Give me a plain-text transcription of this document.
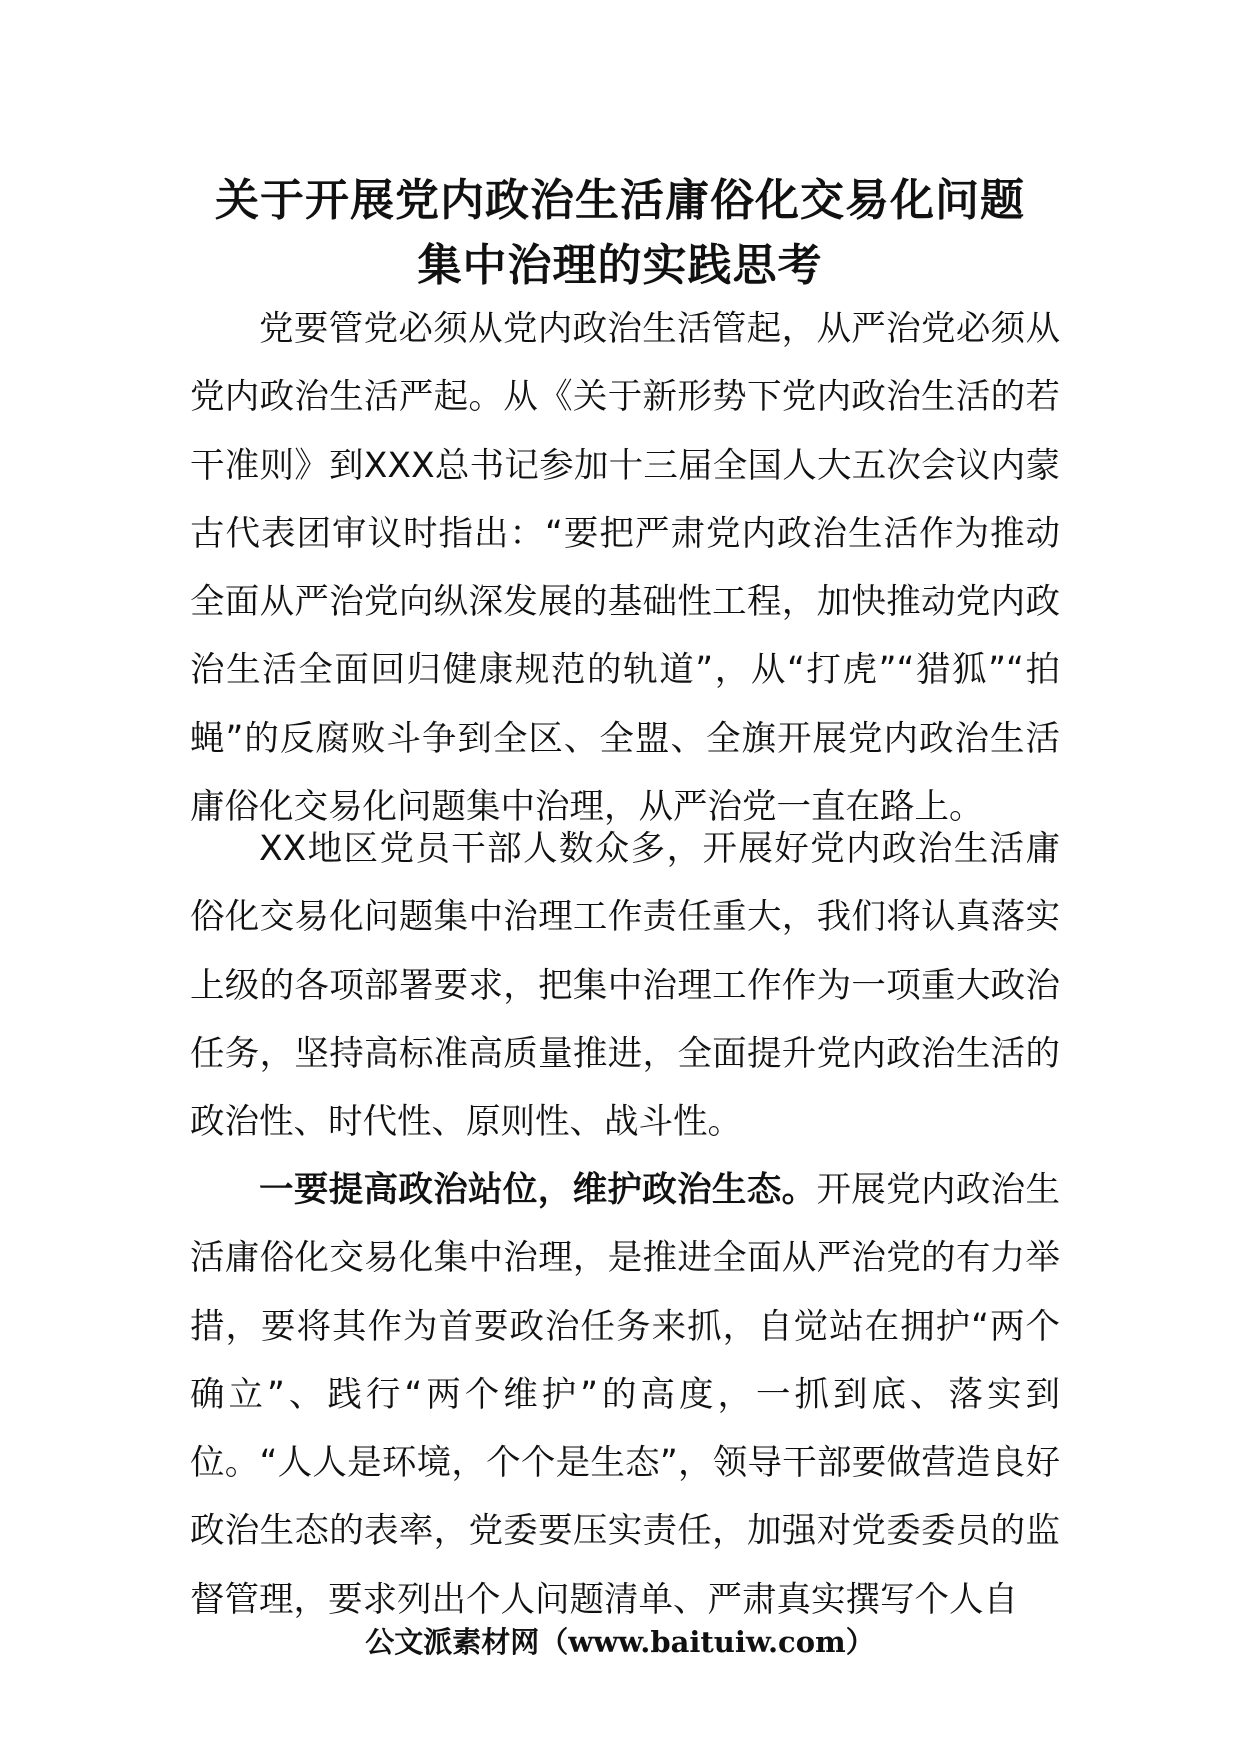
关于开展党内政治生活庸俗化交易化问题
集中治理的实践思考

党要管党必须从党内政治生活管起，从严治党必须从党内政治生活严起。从《关于新形势下党内政治生活的若干准则》到XXX总书记参加十三届全国人大五次会议内蒙古代表团审议时指出：“要把严肃党内政治生活作为推动全面从严治党向纵深发展的基础性工程，加快推动党内政治生活全面回归健康规范的轨道”，从“打虎”“猎狐”“拍蝇”的反腐败斗争到全区、全盟、全旗开展党内政治生活庸俗化交易化问题集中治理，从严治党一直在路上。

XX地区党员干部人数众多，开展好党内政治生活庸俗化交易化问题集中治理工作责任重大，我们将认真落实上级的各项部署要求，把集中治理工作作为一项重大政治任务，坚持高标准高质量推进，全面提升党内政治生活的政治性、时代性、原则性、战斗性。

一要提高政治站位，维护政治生态。开展党内政治生活庸俗化交易化集中治理，是推进全面从严治党的有力举措，要将其作为首要政治任务来抓，自觉站在拥护“两个确立”、践行“两个维护”的高度，一抓到底、落实到位。“人人是环境，个个是生态”，领导干部要做营造良好政治生态的表率，党委要压实责任，加强对党委委员的监督管理，要求列出个人问题清单、严肃真实撰写个人自

公文派素材网（www.baituiw.com）
